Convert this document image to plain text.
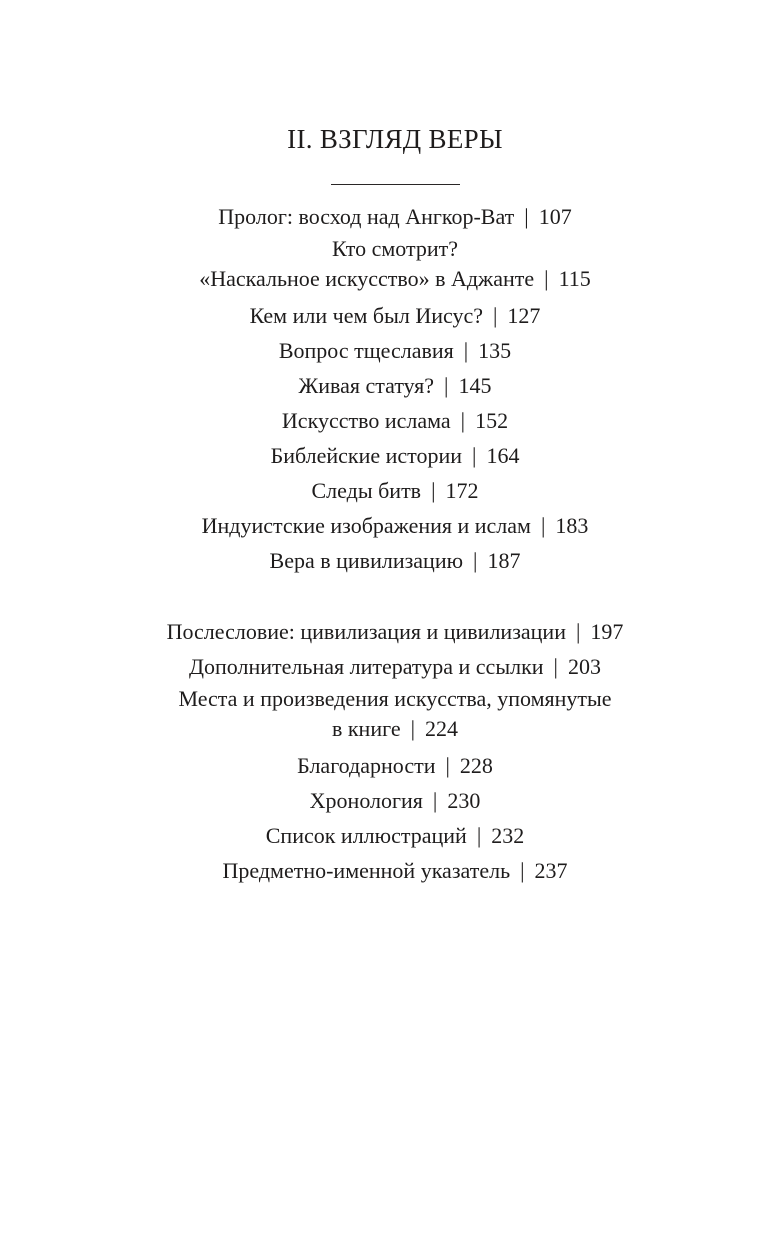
II. ВЗГЛЯД ВЕРЫ
Пролог: восход над Ангкор-Ват | 107
Кто смотрит?
«Наскальное искусство» в Аджанте | 115
Кем или чем был Иисус? | 127
Вопрос тщеславия | 135
Живая статуя? | 145
Искусство ислама | 152
Библейские истории | 164
Следы битв | 172
Индуистские изображения и ислам | 183
Вера в цивилизацию | 187
Послесловие: цивилизация и цивилизации | 197
Дополнительная литература и ссылки | 203
Места и произведения искусства, упомянутые
в книге | 224
Благодарности | 228
Хронология | 230
Список иллюстраций | 232
Предметно-именной указатель | 237
